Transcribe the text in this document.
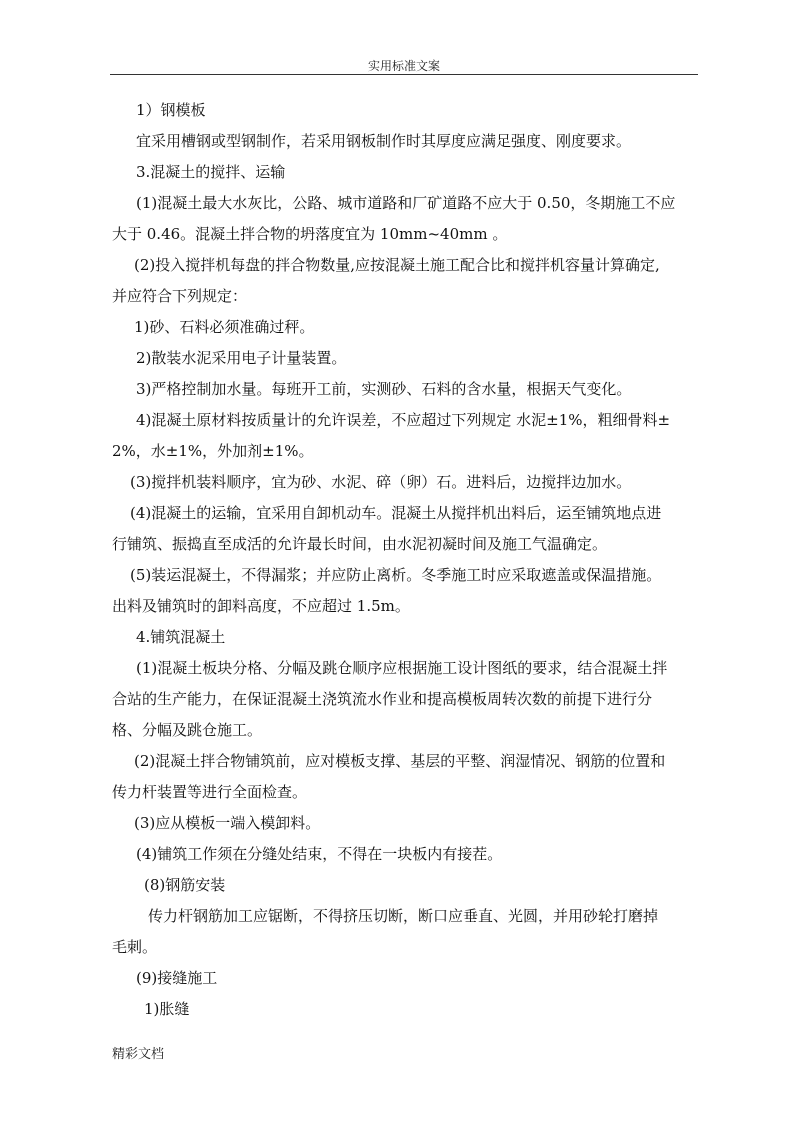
实用标准文案

1）钢模板

宜采用槽钢或型钢制作，若采用钢板制作时其厚度应满足强度、刚度要求。

3.混凝土的搅拌、运输

(1)混凝土最大水灰比，公路、城市道路和厂矿道路不应大于 0.50，冬期施工不应

大于 0.46。混凝土拌合物的坍落度宜为 10mm~40mm 。

(2)投入搅拌机每盘的拌合物数量,应按混凝土施工配合比和搅拌机容量计算确定,

并应符合下列规定：

1)砂、石料必须准确过秤。

2)散装水泥采用电子计量装置。

3)严格控制加水量。每班开工前，实测砂、石料的含水量，根据天气变化。

4)混凝土原材料按质量计的允许误差，不应超过下列规定 水泥±1%，粗细骨料±

2%，水±1%，外加剂±1%。

(3)搅拌机装料顺序，宜为砂、水泥、碎（卵）石。进料后，边搅拌边加水。

(4)混凝土的运输，宜采用自卸机动车。混凝土从搅拌机出料后，运至铺筑地点进

行铺筑、振捣直至成活的允许最长时间，由水泥初凝时间及施工气温确定。

(5)装运混凝土，不得漏浆；并应防止离析。冬季施工时应采取遮盖或保温措施。

出料及铺筑时的卸料高度，不应超过 1.5m。

4.铺筑混凝土

(1)混凝土板块分格、分幅及跳仓顺序应根据施工设计图纸的要求，结合混凝土拌

合站的生产能力，在保证混凝土浇筑流水作业和提高模板周转次数的前提下进行分

格、分幅及跳仓施工。

(2)混凝土拌合物铺筑前，应对模板支撑、基层的平整、润湿情况、钢筋的位置和

传力杆装置等进行全面检查。

(3)应从模板一端入模卸料。

(4)铺筑工作须在分缝处结束，不得在一块板内有接茬。

(8)钢筋安装

传力杆钢筋加工应锯断，不得挤压切断，断口应垂直、光圆，并用砂轮打磨掉

毛刺。

(9)接缝施工

1)胀缝

精彩文档
